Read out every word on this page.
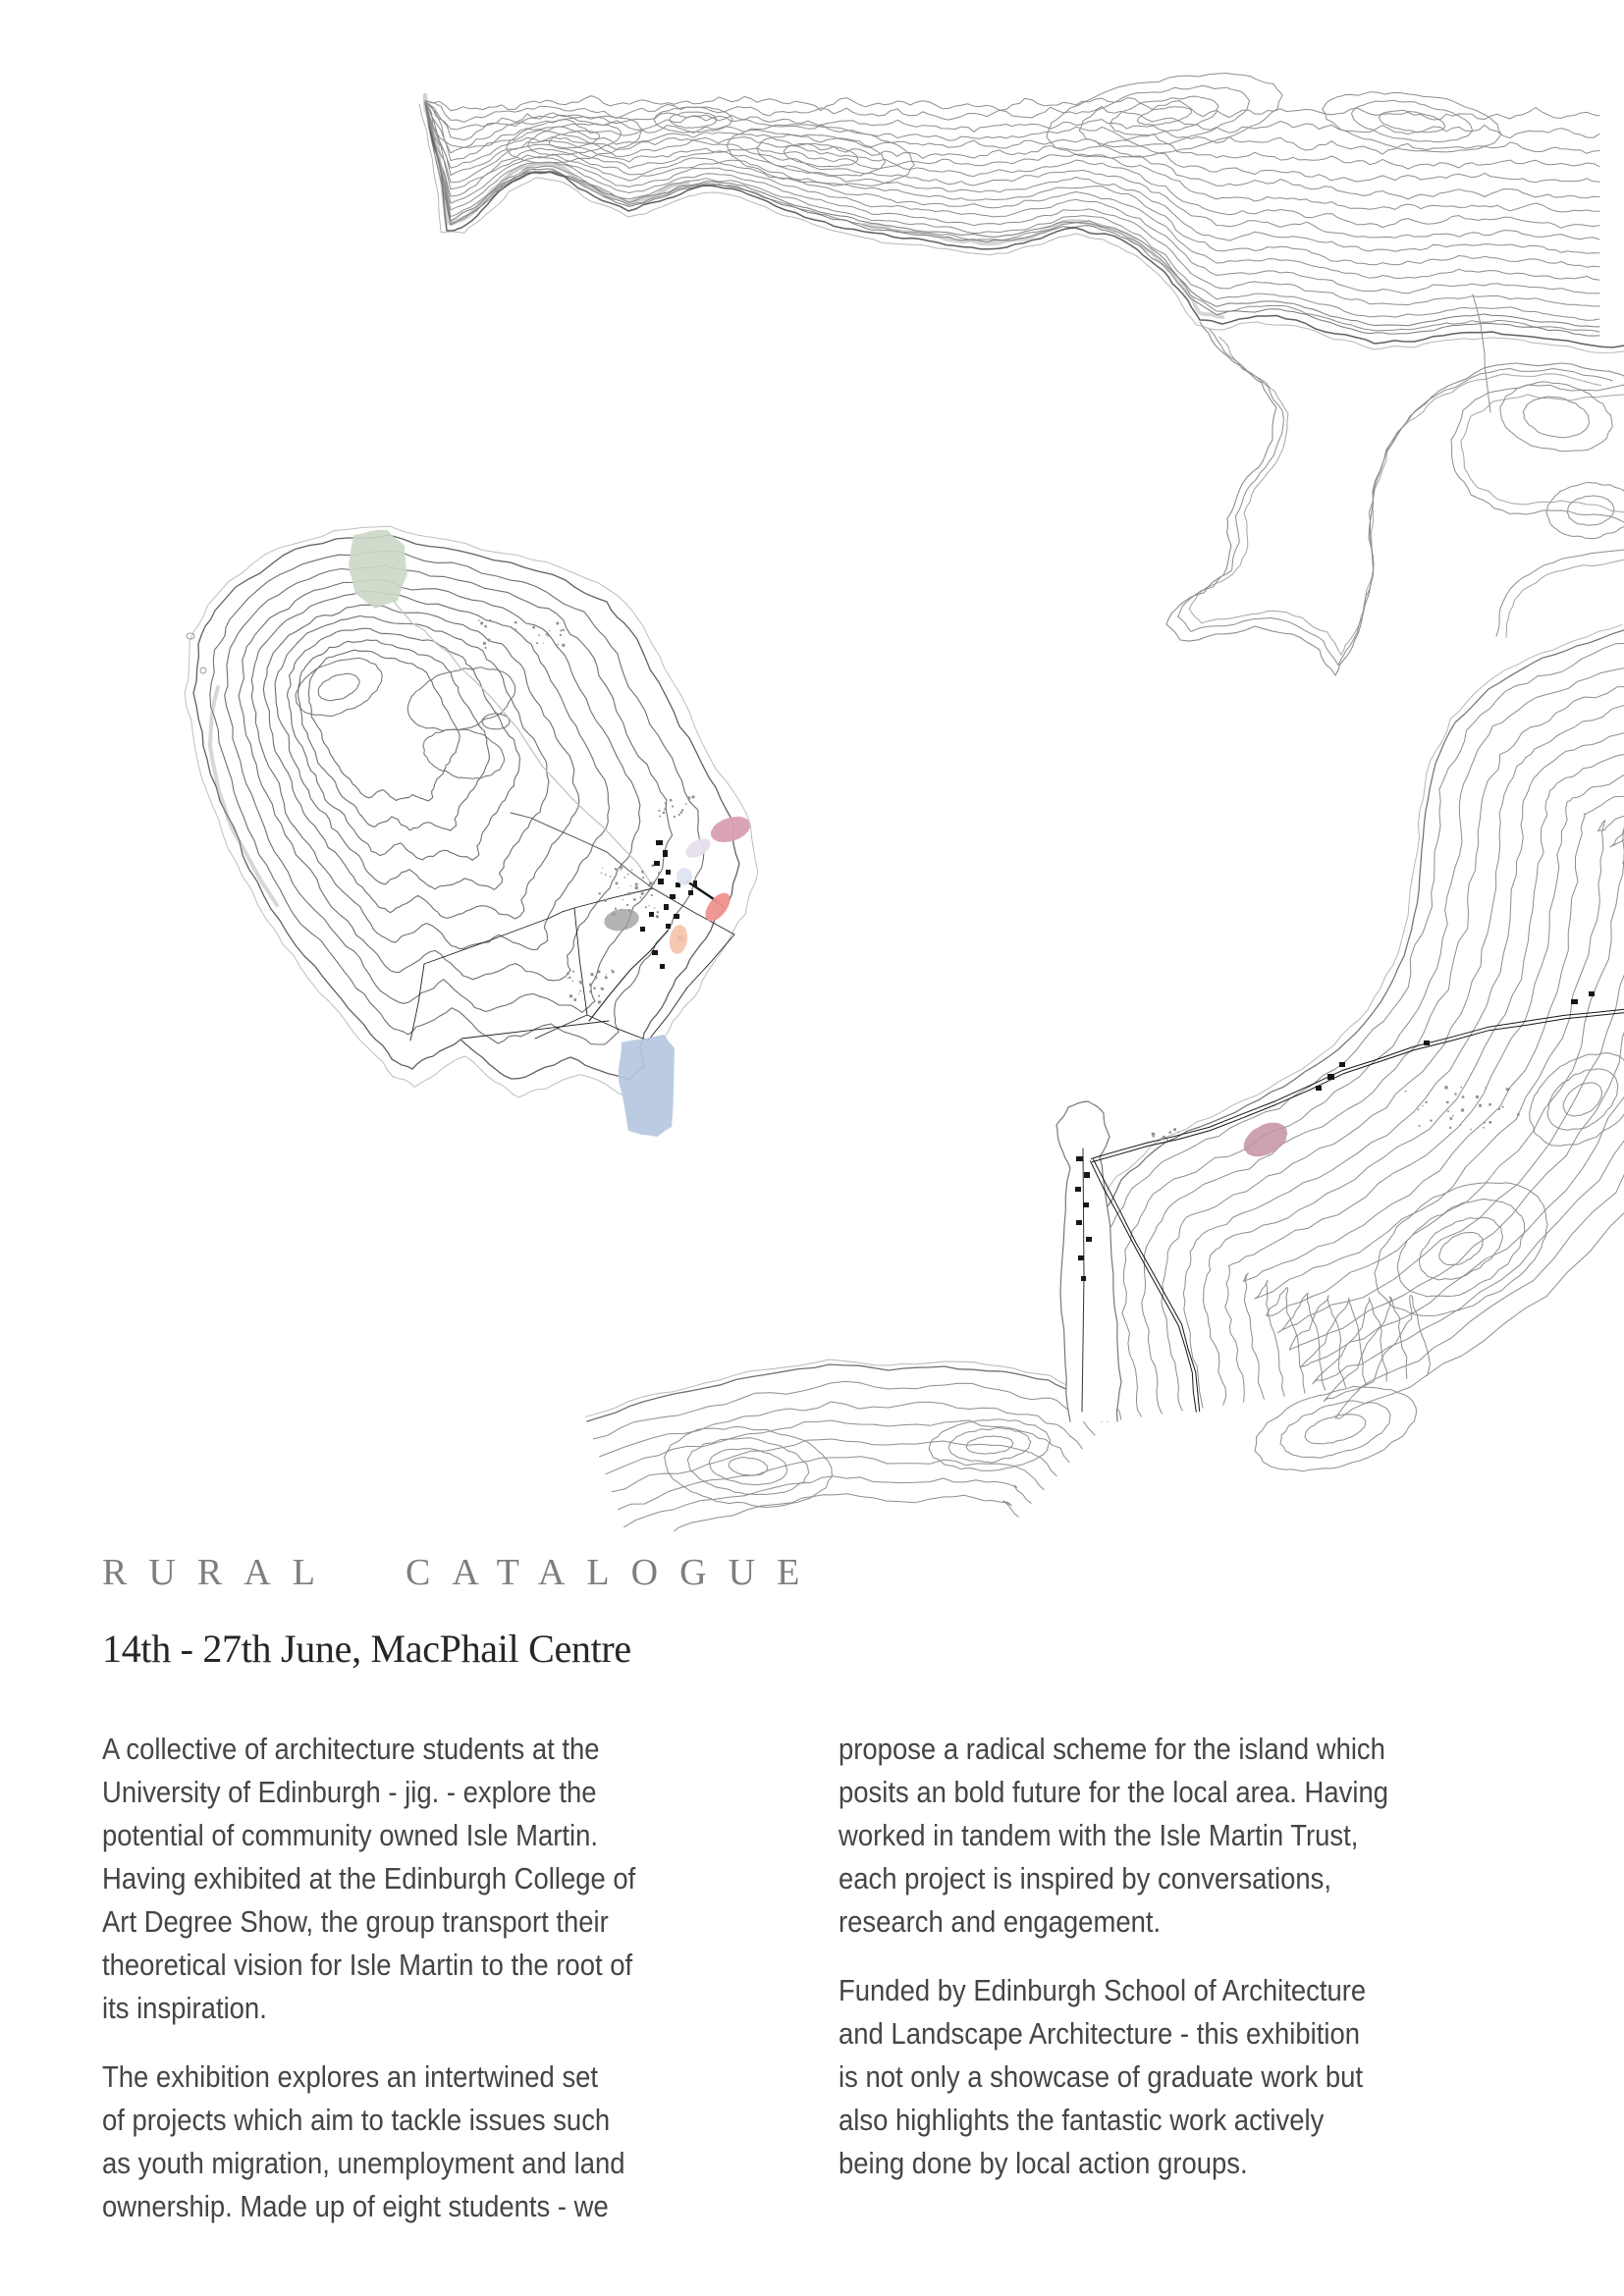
RURAL CATALOGUE
14th - 27th June, MacPhail Centre
A collective of architecture students at the
University of Edinburgh - jig. - explore the
potential of community owned Isle Martin.
Having exhibited at the Edinburgh College of
Art Degree Show, the group transport their
theoretical vision for Isle Martin to the root of
its inspiration.
The exhibition explores an intertwined set
of projects which aim to tackle issues such
as youth migration, unemployment and land
ownership. Made up of eight students - we
propose a radical scheme for the island which
posits an bold future for the local area. Having
worked in tandem with the Isle Martin Trust,
each project is inspired by conversations,
research and engagement.
Funded by Edinburgh School of Architecture
and Landscape Architecture - this exhibition
is not only a showcase of graduate work but
also highlights the fantastic work actively
being done by local action groups.
